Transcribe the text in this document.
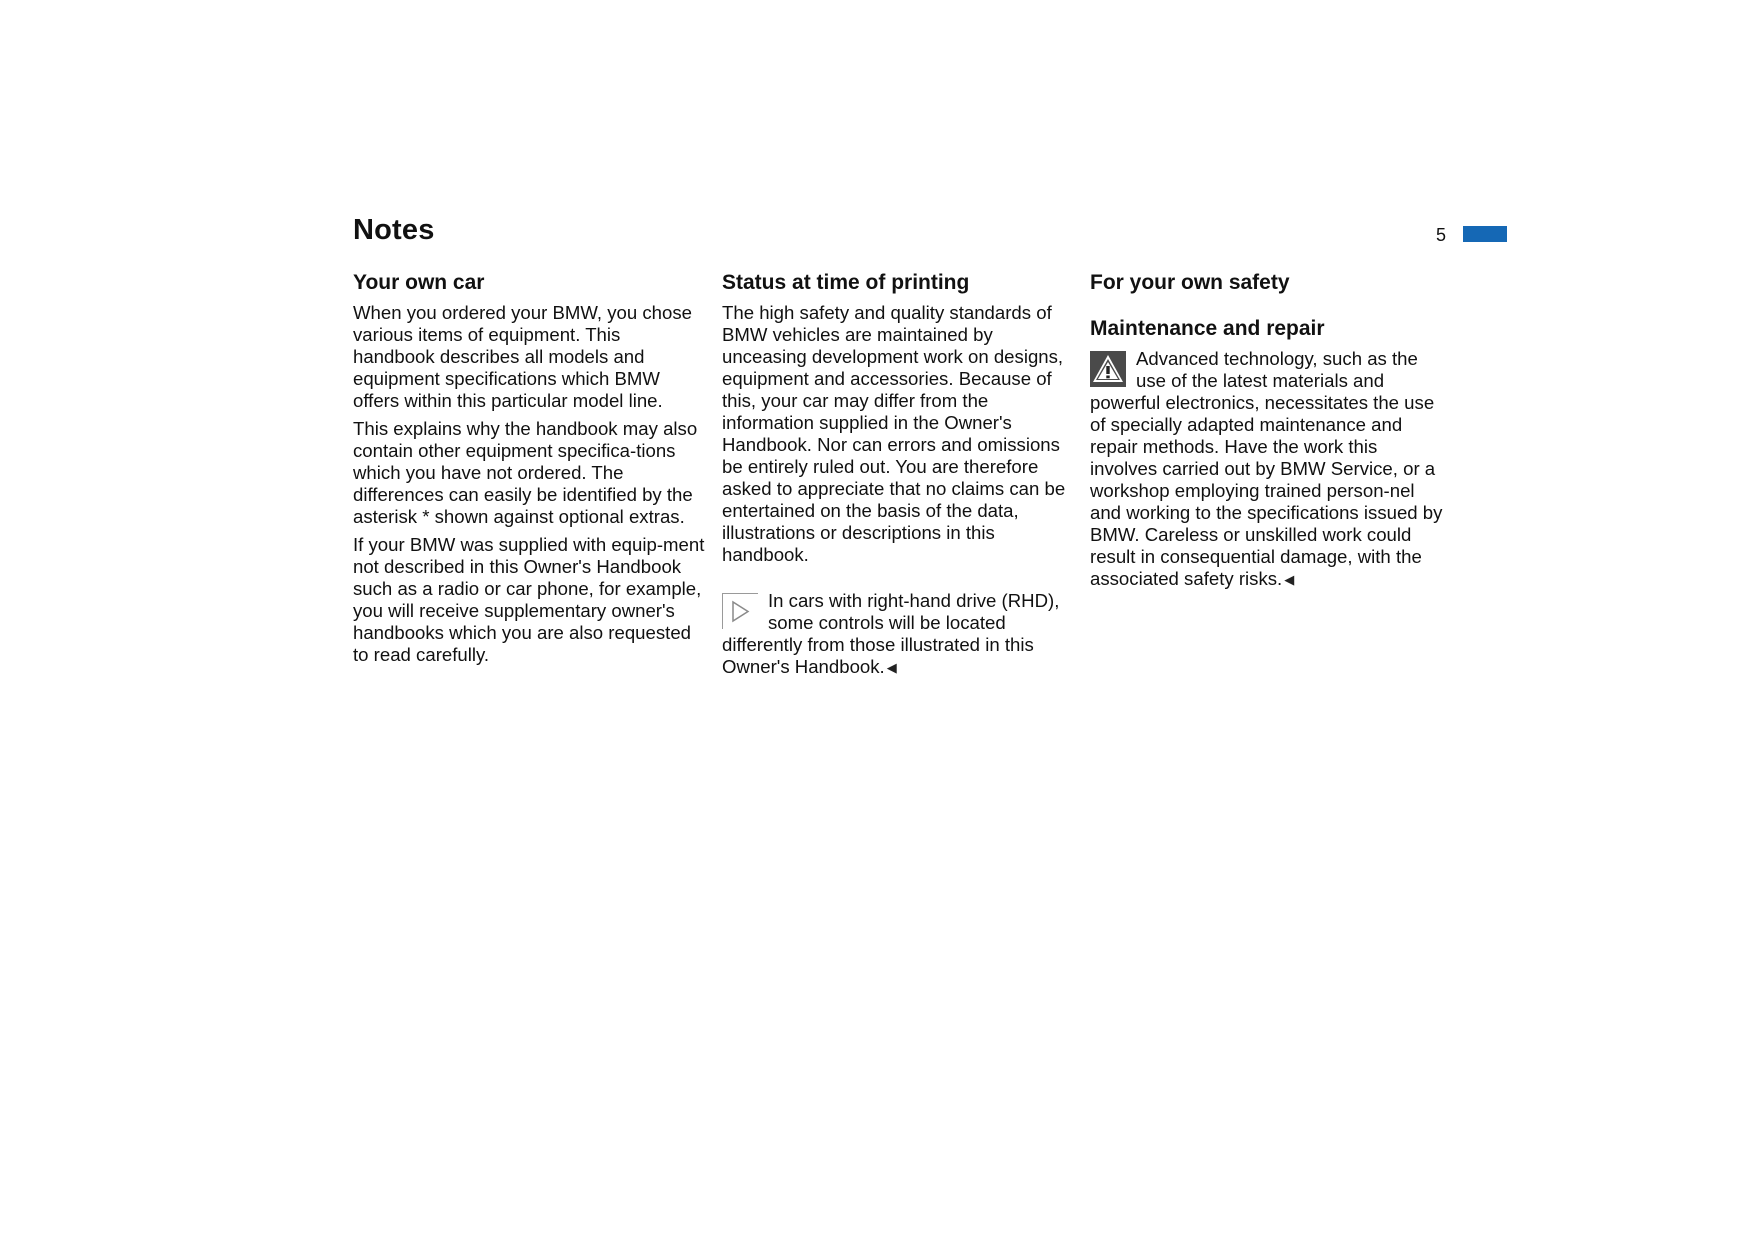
Notes	5
Your own car

When you ordered your BMW, you chose various items of equipment. This handbook describes all models and equipment specifications which BMW offers within this particular model line.

This explains why the handbook may also contain other equipment specifica-tions which you have not ordered. The differences can easily be identified by the asterisk * shown against optional extras.

If your BMW was supplied with equip-ment not described in this Owner's Handbook such as a radio or car phone, for example, you will receive supplementary owner's handbooks which you are also requested to read carefully.

Status at time of printing

The high safety and quality standards of BMW vehicles are maintained by unceasing development work on designs, equipment and accessories. Because of this, your car may differ from the information supplied in the Owner's Handbook. Nor can errors and omissions be entirely ruled out. You are therefore asked to appreciate that no claims can be entertained on the basis of the data, illustrations or descriptions in this handbook.

In cars with right-hand drive (RHD), some controls will be located differently from those illustrated in this Owner's Handbook. ◀
For your own safety
Maintenance and repair
Advanced technology, such as the use of the latest materials and powerful electronics, necessitates the use of specially adapted maintenance and repair methods. Have the work this involves carried out by BMW Service, or a workshop employing trained person-nel and working to the specifications issued by BMW. Careless or unskilled work could result in consequential damage, with the associated safety risks. ◀
